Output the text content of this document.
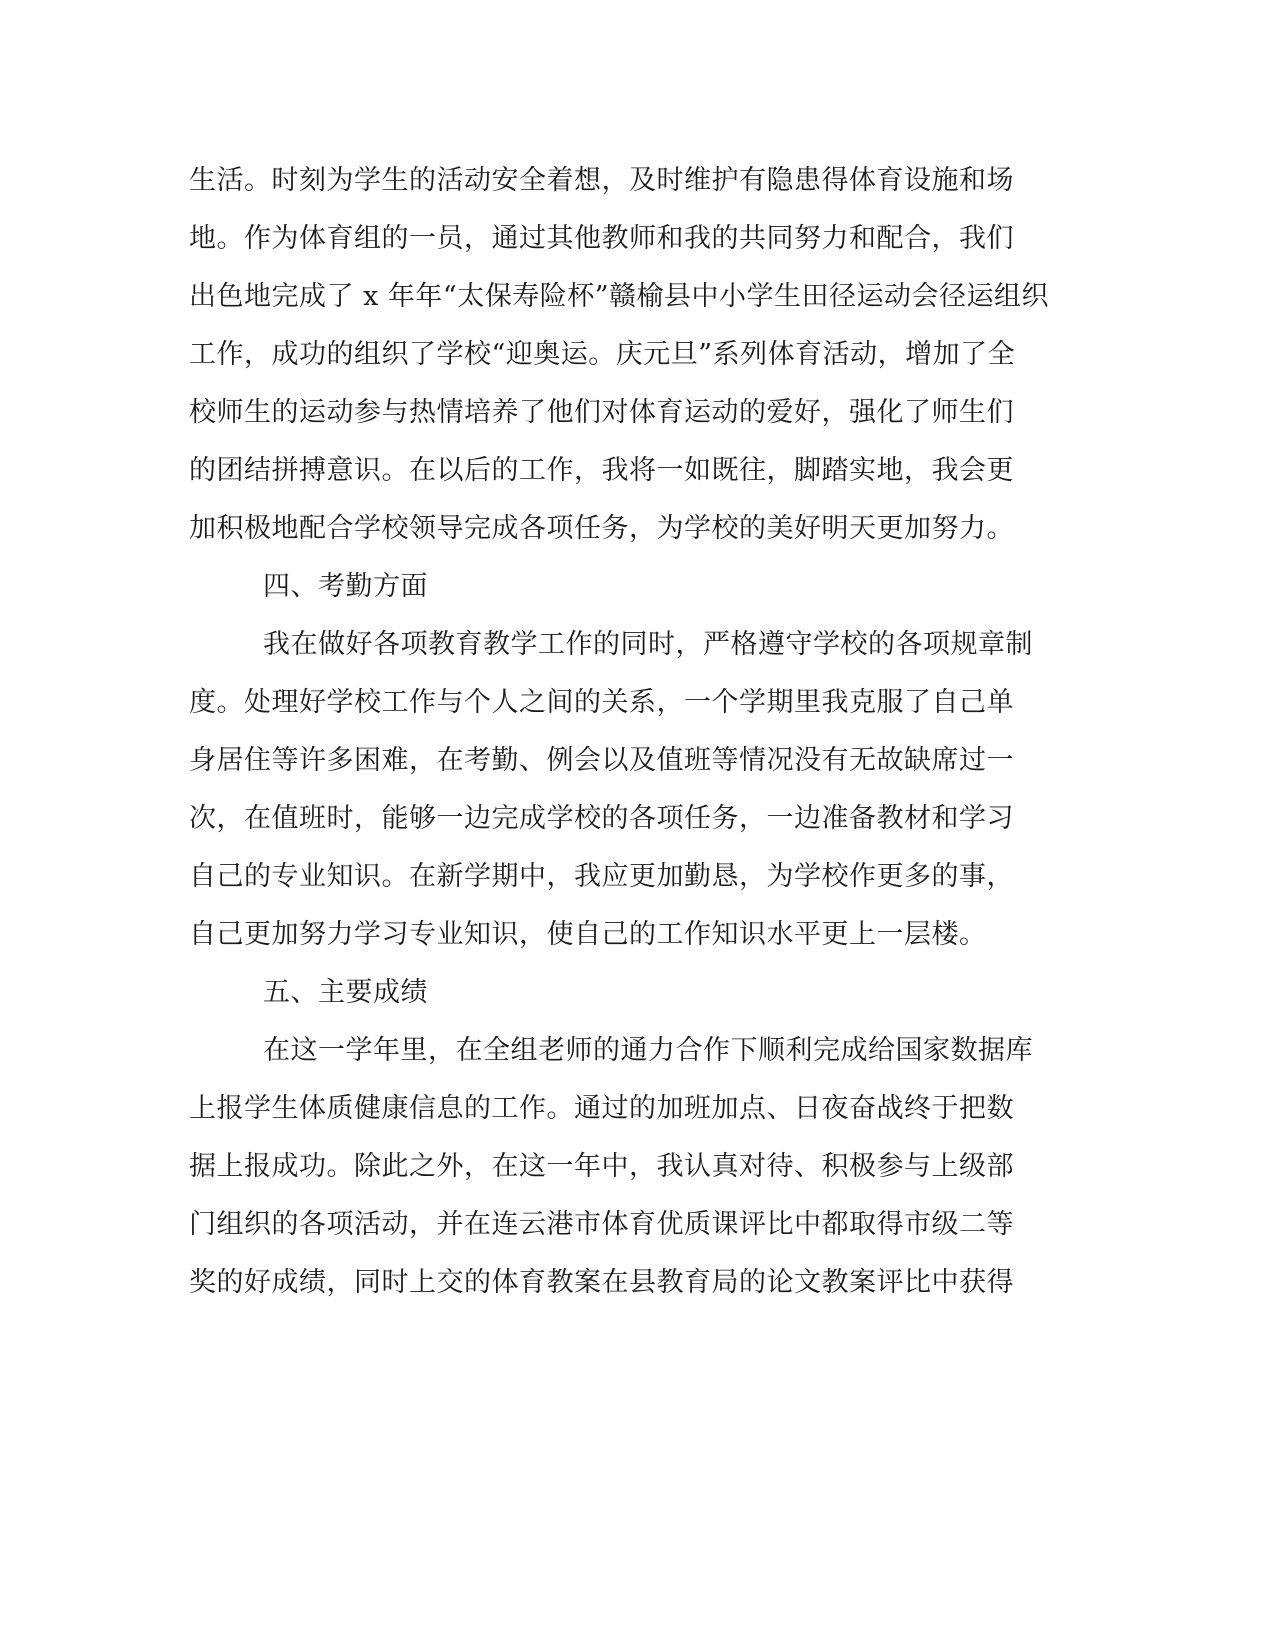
生活。时刻为学生的活动安全着想，及时维护有隐患得体育设施和场
地。作为体育组的一员，通过其他教师和我的共同努力和配合，我们
出色地完成了 x 年年“太保寿险杯”赣榆县中小学生田径运动会径运组织
工作，成功的组织了学校“迎奥运。庆元旦”系列体育活动，增加了全
校师生的运动参与热情培养了他们对体育运动的爱好，强化了师生们
的团结拼搏意识。在以后的工作，我将一如既往，脚踏实地，我会更
加积极地配合学校领导完成各项任务，为学校的美好明天更加努力。
四、考勤方面
我在做好各项教育教学工作的同时，严格遵守学校的各项规章制
度。处理好学校工作与个人之间的关系，一个学期里我克服了自己单
身居住等许多困难，在考勤、例会以及值班等情况没有无故缺席过一
次，在值班时，能够一边完成学校的各项任务，一边准备教材和学习
自己的专业知识。在新学期中，我应更加勤恳，为学校作更多的事，
自己更加努力学习专业知识，使自己的工作知识水平更上一层楼。
五、主要成绩
在这一学年里，在全组老师的通力合作下顺利完成给国家数据库
上报学生体质健康信息的工作。通过的加班加点、日夜奋战终于把数
据上报成功。除此之外，在这一年中，我认真对待、积极参与上级部
门组织的各项活动，并在连云港市体育优质课评比中都取得市级二等
奖的好成绩，同时上交的体育教案在县教育局的论文教案评比中获得
